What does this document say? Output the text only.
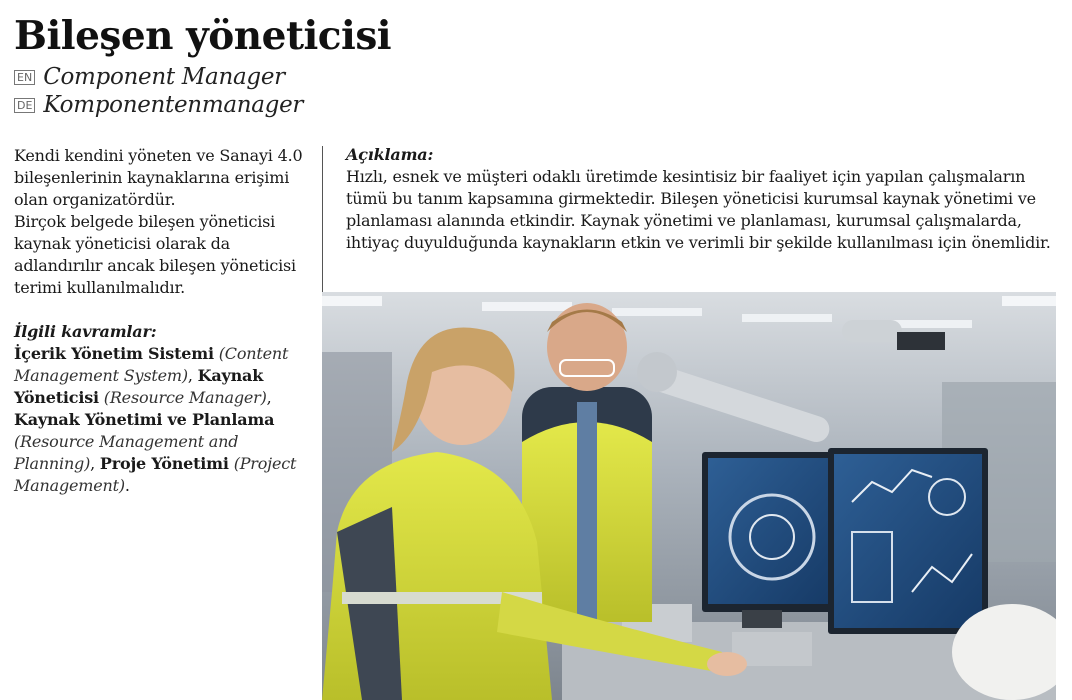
Bileşen yöneticisi
EN Component Manager
DE Komponentenmanager

Kendi kendini yöneten ve Sanayi 4.0 bileşenlerinin kaynaklarına erişimi olan organizatördür.

Birçok belgede bileşen yöneticisi kaynak yöneticisi olarak da adlandırılır ancak bileşen yöneticisi terimi kullanılmalıdır.

İlgili kavramlar:

İçerik Yönetim Sistemi (Content Management System), Kaynak Yöneticisi (Resource Manager), Kaynak Yönetimi ve Planlama (Resource Management and Planning), Proje Yönetimi (Project Management).

Açıklama:

Hızlı, esnek ve müşteri odaklı üretimde kesintisiz bir faaliyet için yapılan çalışmaların tümü bu tanım kapsamına girmektedir. Bileşen yöneticisi kurumsal kaynak yönetimi ve planlaması alanında etkindir. Kaynak yönetimi ve planlaması, kurumsal çalışmalarda, ihtiyaç duyulduğunda kaynakların etkin ve verimli bir şekilde kullanılması için önemlidir.
